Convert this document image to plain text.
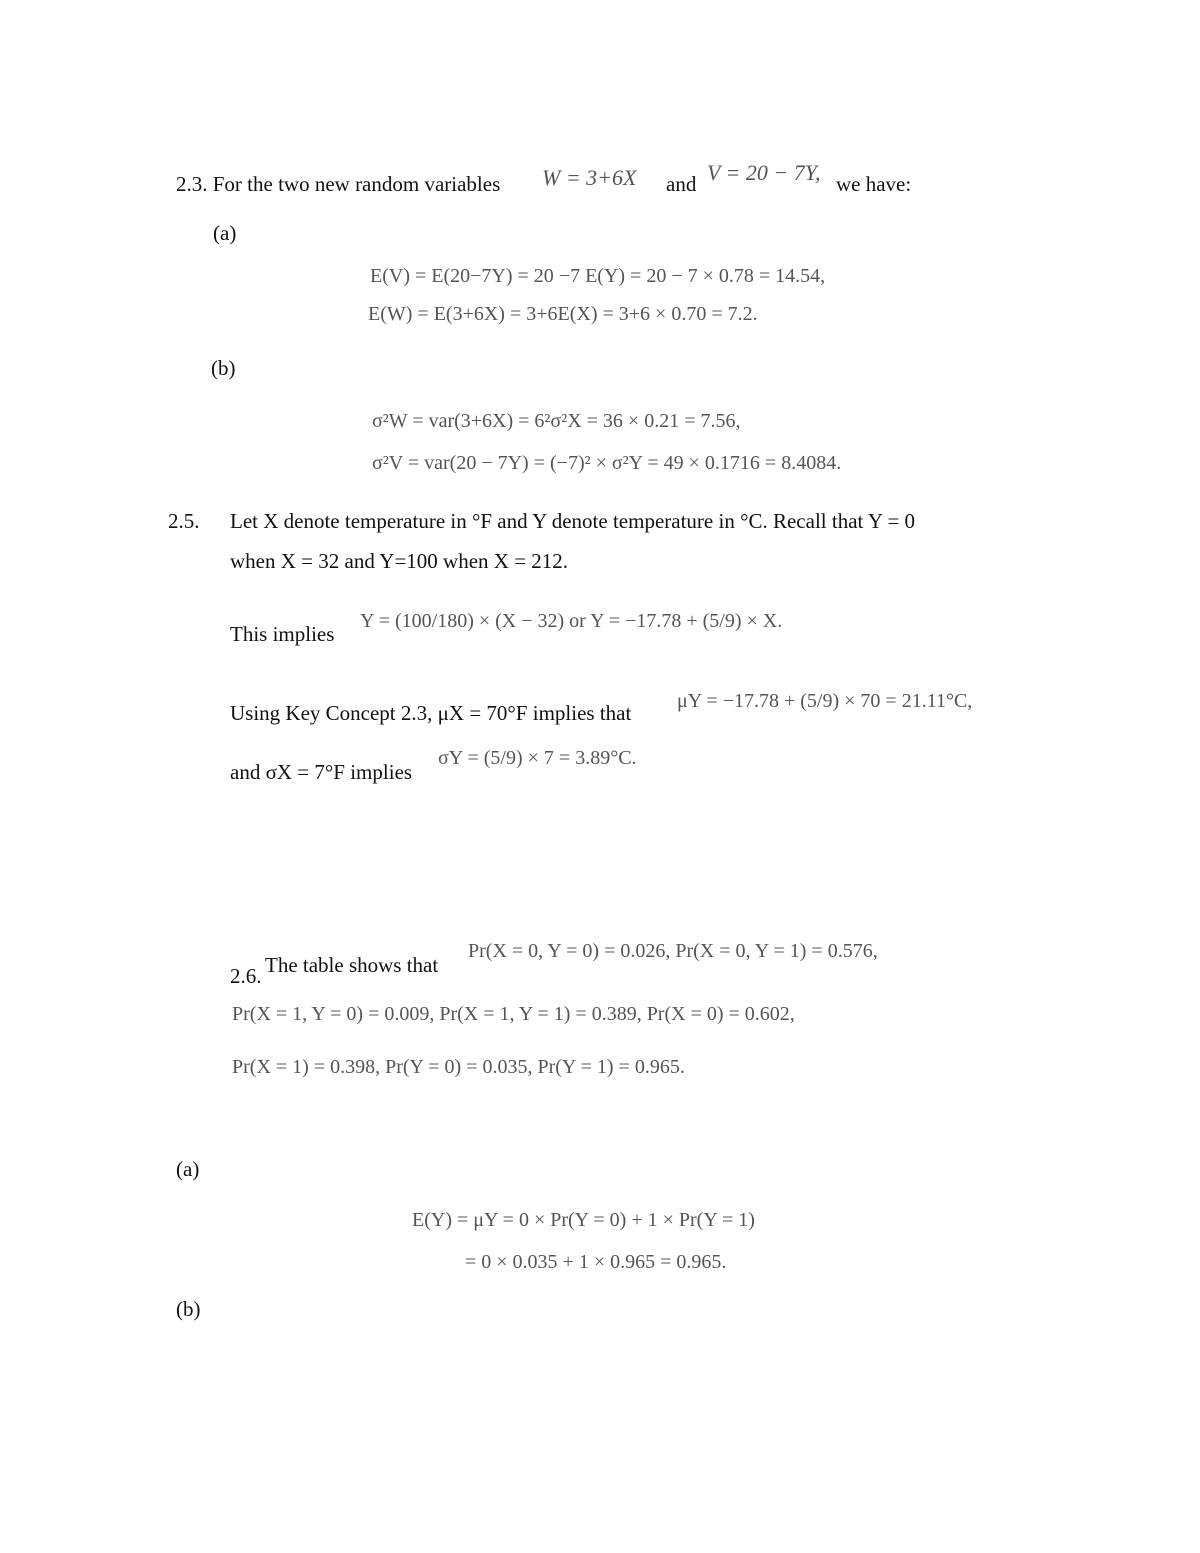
2.3. For the two new random variables W = 3+6X and V = 20 − 7Y, we have:
(a)
E(V) = E(20−7Y) = 20 −7 E(Y) = 20 − 7 × 0.78 = 14.54,
E(W) = E(3+6X) = 3+6E(X) = 3+6 × 0.70 = 7.2.
(b)
σ²W = var(3+6X) = 6²σ²X = 36 × 0.21 = 7.56,
σ²V = var(20 − 7Y) = (−7)² × σ²Y = 49 × 0.1716 = 8.4084.
2.5. Let X denote temperature in °F and Y denote temperature in °C. Recall that Y = 0
when X = 32 and Y=100 when X = 212.
This implies
Y = (100/180) × (X − 32) or Y = −17.78 + (5/9) × X.
Using Key Concept 2.3, μX = 70°F implies that μY = −17.78 + (5/9) × 70 = 21.11°C,
and σX = 7°F implies
σY = (5/9) × 7 = 3.89°C.
2.6. The table shows that
Pr(X = 0, Y = 0) = 0.026, Pr(X = 0, Y = 1) = 0.576,
Pr(X = 1, Y = 0) = 0.009, Pr(X = 1, Y = 1) = 0.389, Pr(X = 0) = 0.602,
Pr(X = 1) = 0.398, Pr(Y = 0) = 0.035, Pr(Y = 1) = 0.965.
(a)
E(Y) = μY = 0 × Pr(Y = 0) + 1 × Pr(Y = 1)
= 0 × 0.035 + 1 × 0.965 = 0.965.
(b)
